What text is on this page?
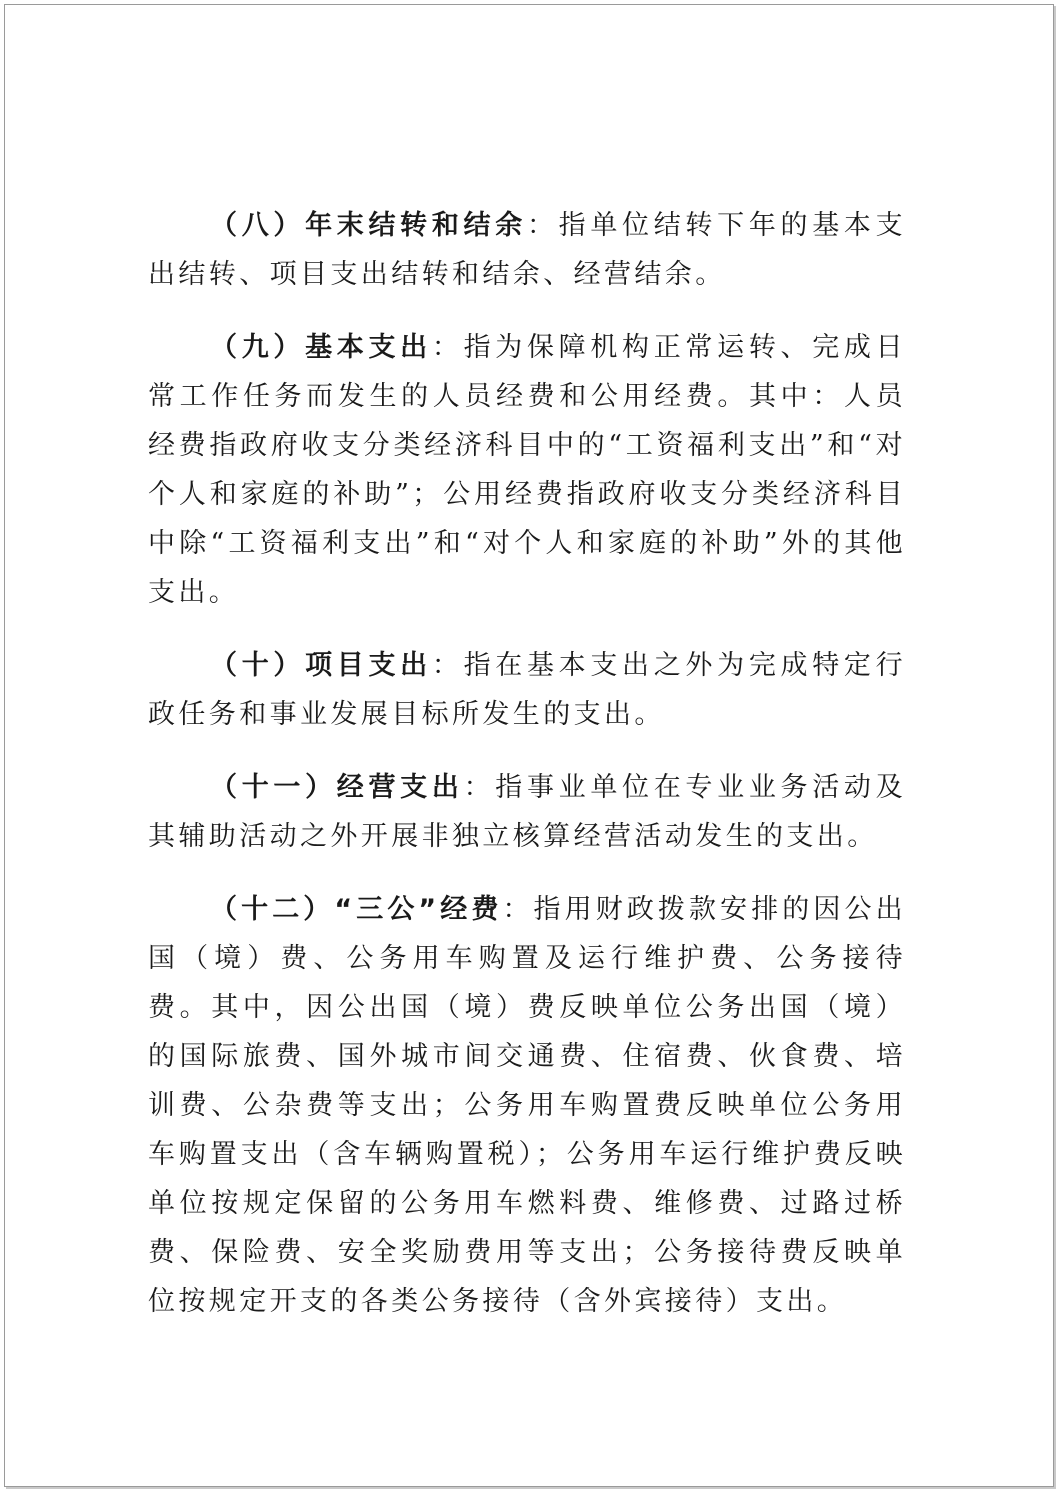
（八）年末结转和结余：指单位结转下年的基本支出结转、项目支出结转和结余、经营结余。

（九）基本支出：指为保障机构正常运转、完成日常工作任务而发生的人员经费和公用经费。其中：人员经费指政府收支分类经济科目中的“工资福利支出”和“对个人和家庭的补助”；公用经费指政府收支分类经济科目中除“工资福利支出”和“对个人和家庭的补助”外的其他支出。

（十）项目支出：指在基本支出之外为完成特定行政任务和事业发展目标所发生的支出。

（十一）经营支出：指事业单位在专业业务活动及其辅助活动之外开展非独立核算经营活动发生的支出。

（十二）“三公”经费：指用财政拨款安排的因公出国（境）费、公务用车购置及运行维护费、公务接待费。其中，因公出国（境）费反映单位公务出国（境）的国际旅费、国外城市间交通费、住宿费、伙食费、培训费、公杂费等支出；公务用车购置费反映单位公务用车购置支出（含车辆购置税）；公务用车运行维护费反映单位按规定保留的公务用车燃料费、维修费、过路过桥费、保险费、安全奖励费用等支出；公务接待费反映单位按规定开支的各类公务接待（含外宾接待）支出。
